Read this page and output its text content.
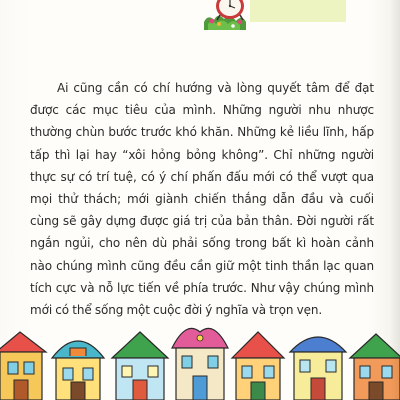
Ai cũng cần có chí hướng và lòng quyết tâm để đạt được các mục tiêu của mình. Những người nhu nhược thường chùn bước trước khó khăn. Những kẻ liều lĩnh, hấp tấp thì lại hay “xôi hỏng bỏng không”. Chỉ những người thực sự có trí tuệ, có ý chí phấn đấu mới có thể vượt qua mọi thử thách; mới giành chiến thắng dẫn đầu và cuối cùng sẽ gây dựng được giá trị của bản thân. Đời người rất ngắn ngủi, cho nên dù phải sống trong bất kì hoàn cảnh nào chúng mình cũng đều cần giữ một tinh thần lạc quan tích cực và nỗ lực tiến về phía trước. Như vậy chúng mình mới có thể sống một cuộc đời ý nghĩa và trọn vẹn.
